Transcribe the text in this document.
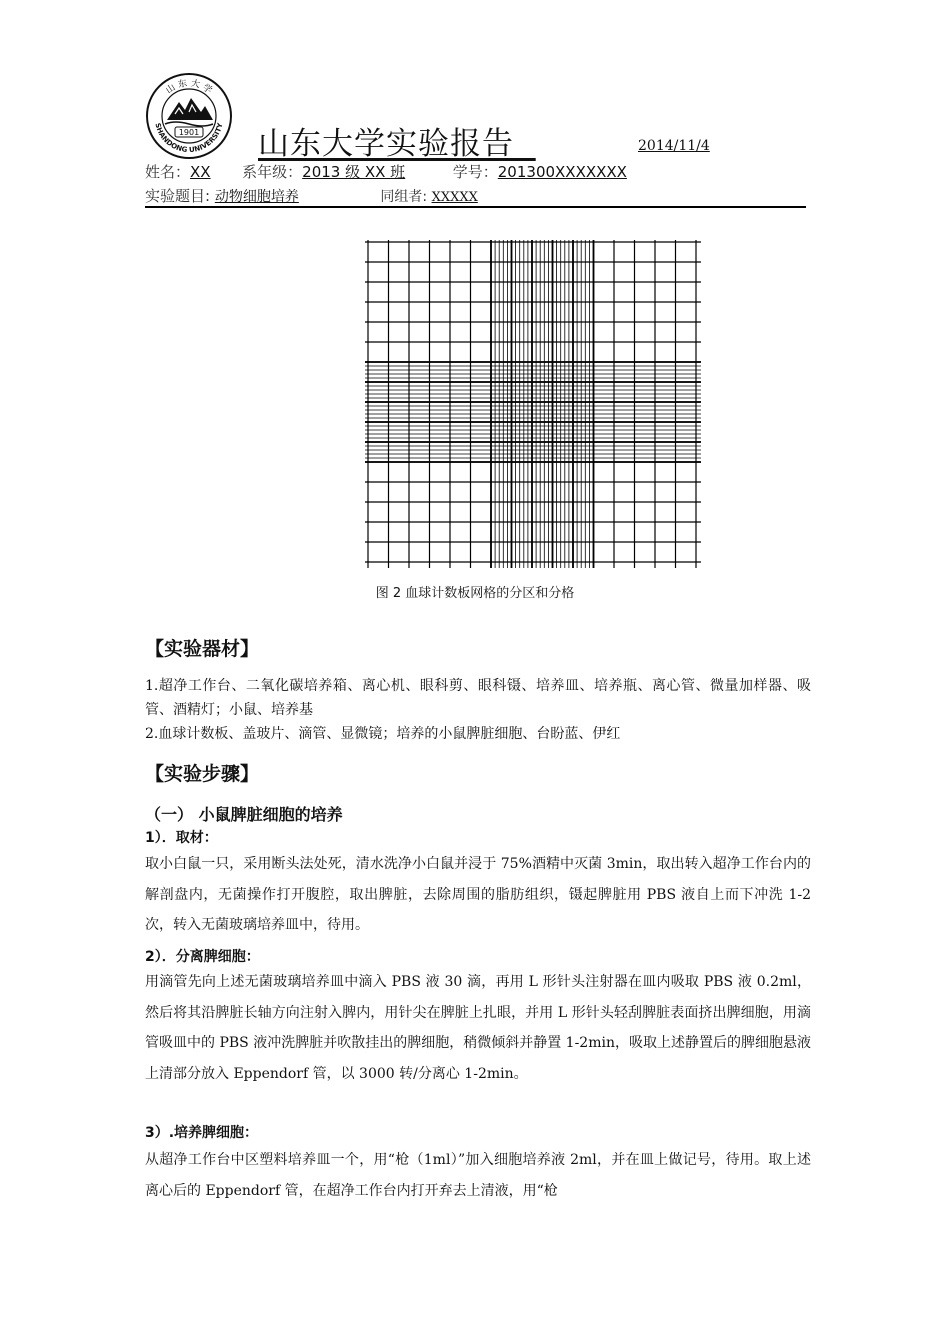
山 东 大 学
SHANDONG UNIVERSITY
1901 山东大学实验报告	2014/11/4
姓名：XX 系年级：2013 级 XX 班	学号：201300XXXXXXX
实验题目: 动物细胞培养	同组者: XXXXX
图 2 血球计数板网格的分区和分格
【实验器材】
1.超净工作台、二氧化碳培养箱、离心机、眼科剪、眼科镊、培养皿、培养瓶、离心管、微量加样器、吸管、酒精灯；小鼠、培养基
2.血球计数板、盖玻片、滴管、显微镜；培养的小鼠脾脏细胞、台盼蓝、伊红
【实验步骤】
（一） 小鼠脾脏细胞的培养
1）．取材：
取小白鼠一只，采用断头法处死，清水洗净小白鼠并浸于 75%酒精中灭菌 3min，取出转入超净工作台内的解剖盘内，无菌操作打开腹腔，取出脾脏，去除周围的脂肪组织，镊起脾脏用 PBS 液自上而下冲洗 1-2 次，转入无菌玻璃培养皿中，待用。
2）．分离脾细胞：
用滴管先向上述无菌玻璃培养皿中滴入 PBS 液 30 滴，再用 L 形针头注射器在皿内吸取 PBS 液 0.2ml，然后将其沿脾脏长轴方向注射入脾内，用针尖在脾脏上扎眼，并用 L 形针头轻刮脾脏表面挤出脾细胞，用滴管吸皿中的 PBS 液冲洗脾脏并吹散挂出的脾细胞，稍微倾斜并静置 1-2min，吸取上述静置后的脾细胞悬液上清部分放入 Eppendorf 管，以 3000 转/分离心 1-2min。
3）.培养脾细胞：
从超净工作台中区塑料培养皿一个，用“枪（1ml）”加入细胞培养液 2ml，并在皿上做记号，待用。取上述离心后的 Eppendorf 管，在超净工作台内打开弃去上清液，用“枪
